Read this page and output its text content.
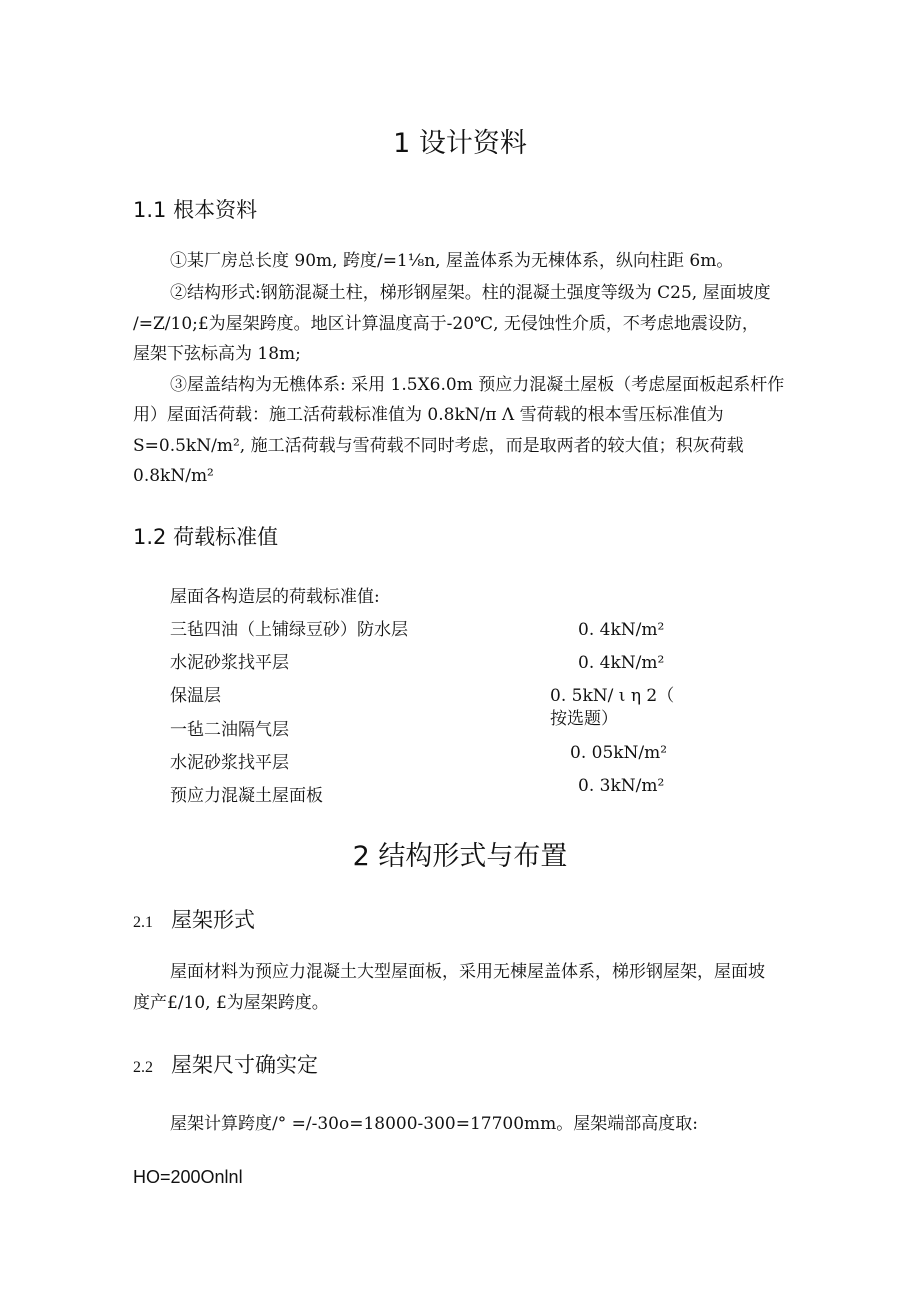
1 设计资料
1.1 根本资料
①某厂房总长度 90m, 跨度/=1⅛n, 屋盖体系为无棟体系，纵向柱距 6m。
②结构形式:钢筋混凝土柱，梯形钢屋架。柱的混凝土强度等级为 C25, 屋面坡度
/=Z/10;£为屋架跨度。地区计算温度高于-20℃, 无侵蚀性介质，不考虑地震设防，
屋架下弦标高为 18m;
③屋盖结构为无樵体系: 采用 1.5X6.0m 预应力混凝土屋板（考虑屋面板起系杆作
用）屋面活荷载：施工活荷载标准值为 0.8kN/π Λ 雪荷载的根本雪压标准值为
S=0.5kN/m², 施工活荷载与雪荷载不同时考虑，而是取两者的较大值；积灰荷载
0.8kN/m²
1.2 荷载标准值
屋面各构造层的荷载标准值:
三毡四油（上铺绿豆砂）防水层	0. 4kN/m²
水泥砂浆找平层	0. 4kN/m²
保温层	0. 5kN/ ι η 2（
按选题）
一毡二油隔气层
水泥砂浆找平层	0. 05kN/m²
预应力混凝土屋面板	0. 3kN/m²
2 结构形式与布置
2.1 屋架形式
屋面材料为预应力混凝土大型屋面板，采用无棟屋盖体系，梯形钢屋架，屋面坡
度产£/10, £为屋架跨度。
2.2 屋架尺寸确实定
屋架计算跨度/° =/-30o=18000-300=17700mm。屋架端部高度取:
HO=200Onlnl
